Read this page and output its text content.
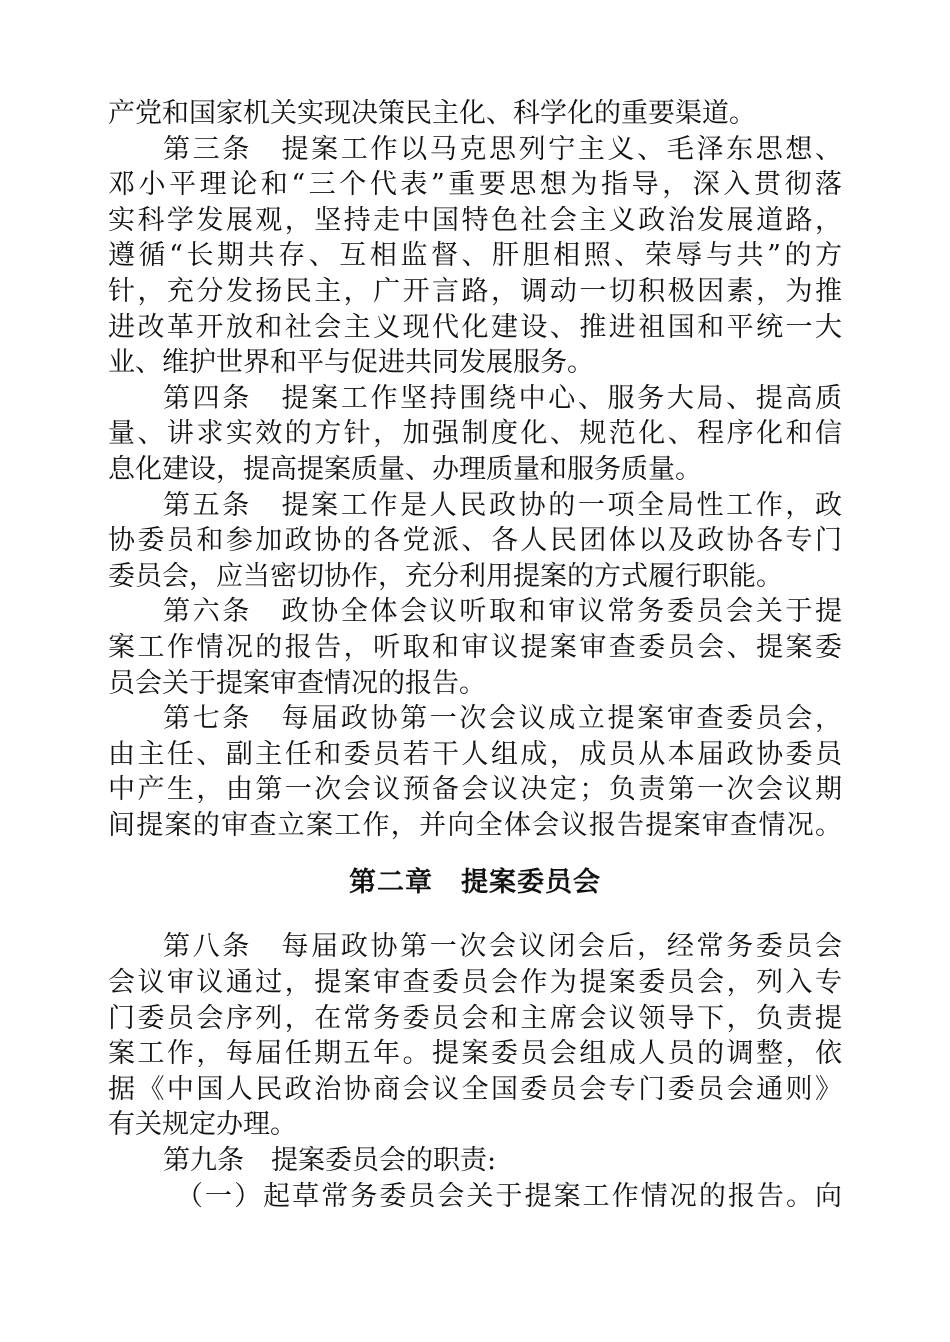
产党和国家机关实现决策民主化、科学化的重要渠道。
第三条　提案工作以马克思列宁主义、毛泽东思想、
邓小平理论和“三个代表”重要思想为指导，深入贯彻落
实科学发展观，坚持走中国特色社会主义政治发展道路，
遵循“长期共存、互相监督、肝胆相照、荣辱与共”的方
针，充分发扬民主，广开言路，调动一切积极因素，为推
进改革开放和社会主义现代化建设、推进祖国和平统一大
业、维护世界和平与促进共同发展服务。
第四条　提案工作坚持围绕中心、服务大局、提高质
量、讲求实效的方针，加强制度化、规范化、程序化和信
息化建设，提高提案质量、办理质量和服务质量。
第五条　提案工作是人民政协的一项全局性工作，政
协委员和参加政协的各党派、各人民团体以及政协各专门
委员会，应当密切协作，充分利用提案的方式履行职能。
第六条　政协全体会议听取和审议常务委员会关于提
案工作情况的报告，听取和审议提案审查委员会、提案委
员会关于提案审查情况的报告。
第七条　每届政协第一次会议成立提案审查委员会，
由主任、副主任和委员若干人组成，成员从本届政协委员
中产生，由第一次会议预备会议决定；负责第一次会议期
间提案的审查立案工作，并向全体会议报告提案审查情况。
第二章　提案委员会
第八条　每届政协第一次会议闭会后，经常务委员会
会议审议通过，提案审查委员会作为提案委员会，列入专
门委员会序列，在常务委员会和主席会议领导下，负责提
案工作，每届任期五年。提案委员会组成人员的调整，依
据《中国人民政治协商会议全国委员会专门委员会通则》
有关规定办理。
第九条　提案委员会的职责:
（一）起草常务委员会关于提案工作情况的报告。向
